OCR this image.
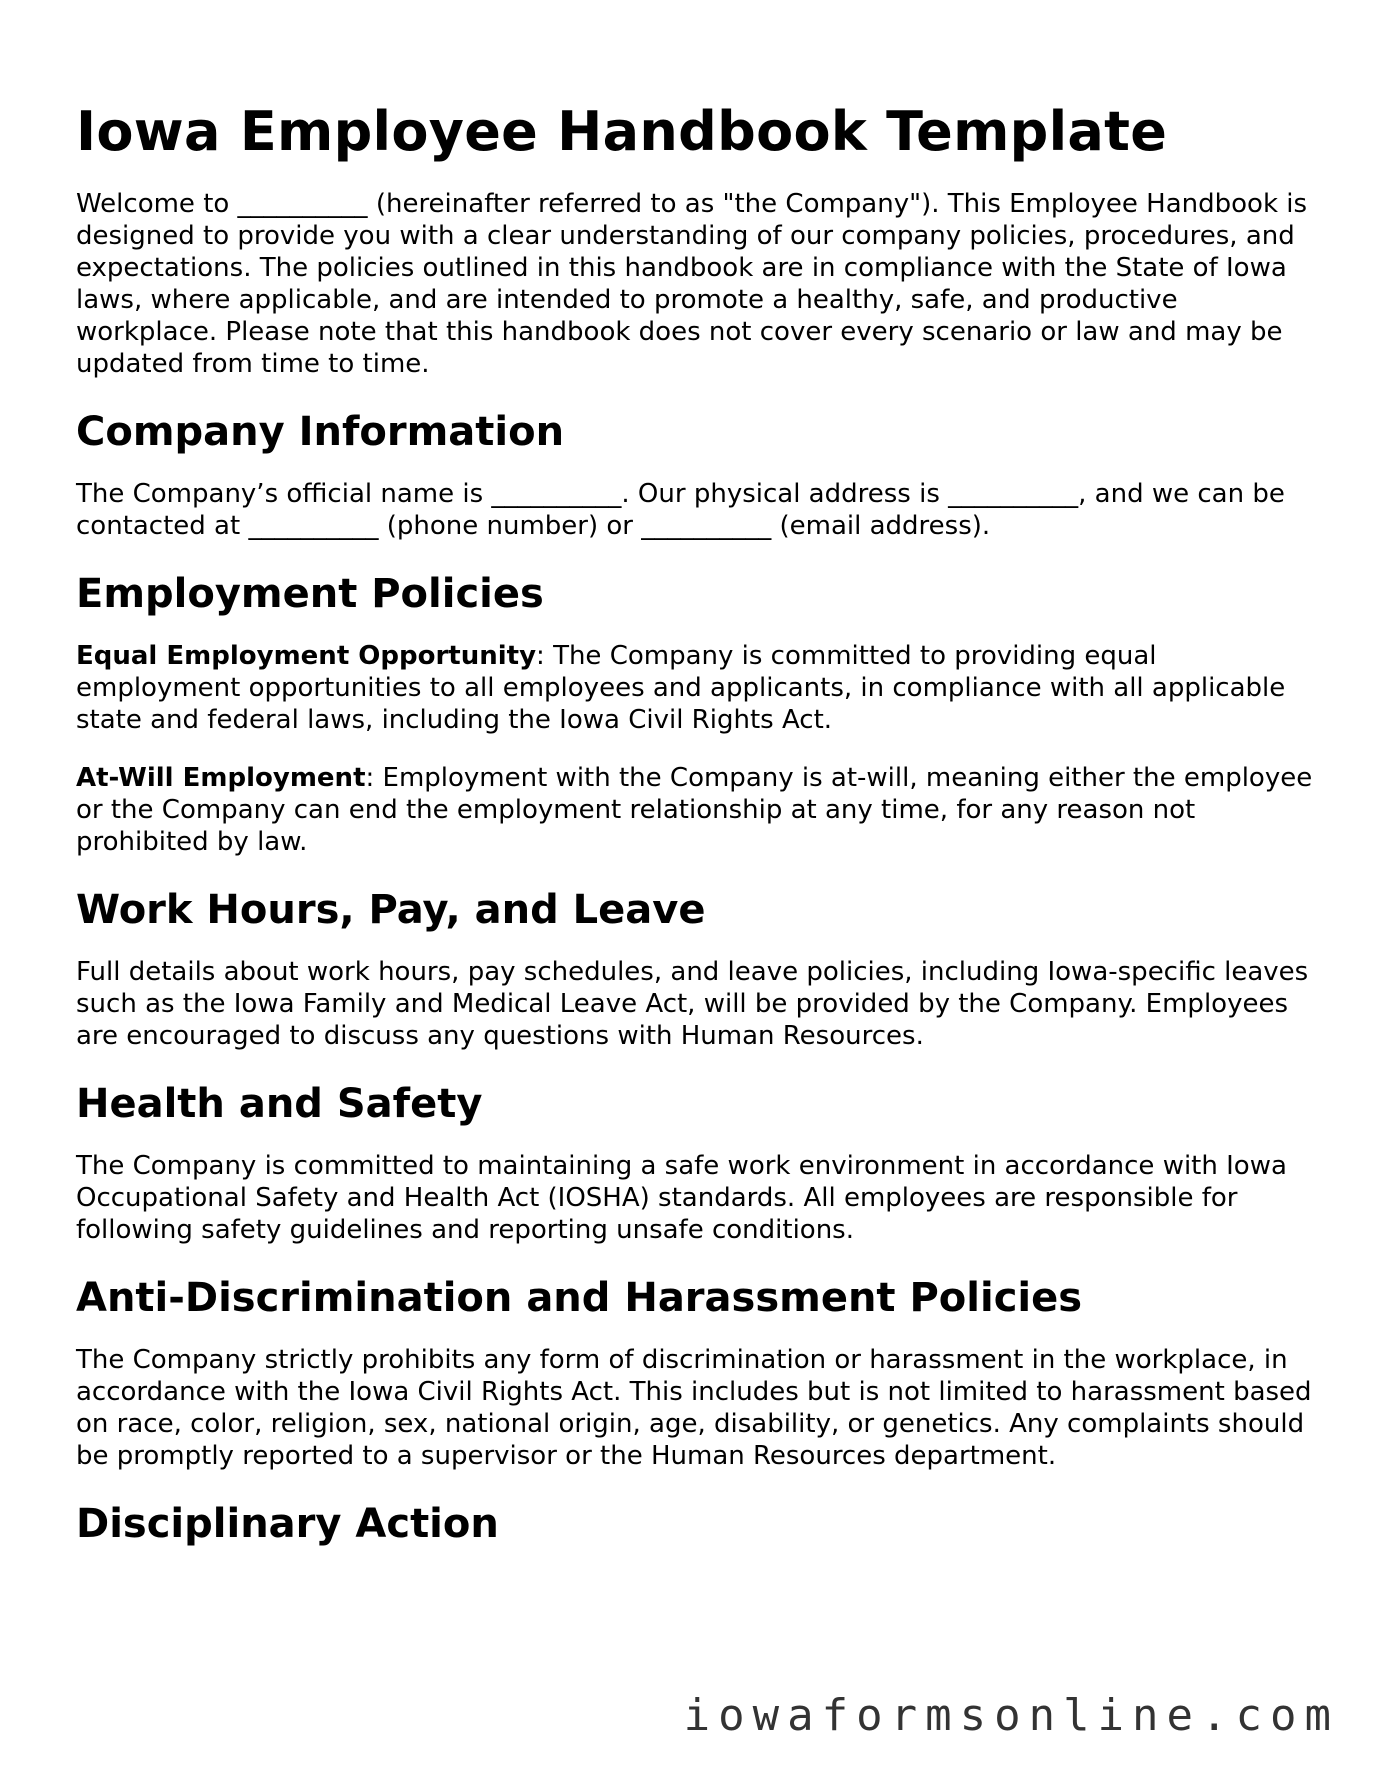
Iowa Employee Handbook Template

Welcome to __________ (hereinafter referred to as "the Company"). This Employee Handbook is designed to provide you with a clear understanding of our company policies, procedures, and expectations. The policies outlined in this handbook are in compliance with the State of Iowa laws, where applicable, and are intended to promote a healthy, safe, and productive workplace. Please note that this handbook does not cover every scenario or law and may be updated from time to time.

Company Information

The Company’s official name is __________. Our physical address is __________, and we can be contacted at __________ (phone number) or __________ (email address).

Employment Policies

Equal Employment Opportunity: The Company is committed to providing equal employment opportunities to all employees and applicants, in compliance with all applicable state and federal laws, including the Iowa Civil Rights Act.

At-Will Employment: Employment with the Company is at-will, meaning either the employee or the Company can end the employment relationship at any time, for any reason not prohibited by law.

Work Hours, Pay, and Leave

Full details about work hours, pay schedules, and leave policies, including Iowa-specific leaves such as the Iowa Family and Medical Leave Act, will be provided by the Company. Employees are encouraged to discuss any questions with Human Resources.

Health and Safety

The Company is committed to maintaining a safe work environment in accordance with Iowa Occupational Safety and Health Act (IOSHA) standards. All employees are responsible for following safety guidelines and reporting unsafe conditions.

Anti-Discrimination and Harassment Policies

The Company strictly prohibits any form of discrimination or harassment in the workplace, in accordance with the Iowa Civil Rights Act. This includes but is not limited to harassment based on race, color, religion, sex, national origin, age, disability, or genetics. Any complaints should be promptly reported to a supervisor or the Human Resources department.

Disciplinary Action
iowaformsonline.com
